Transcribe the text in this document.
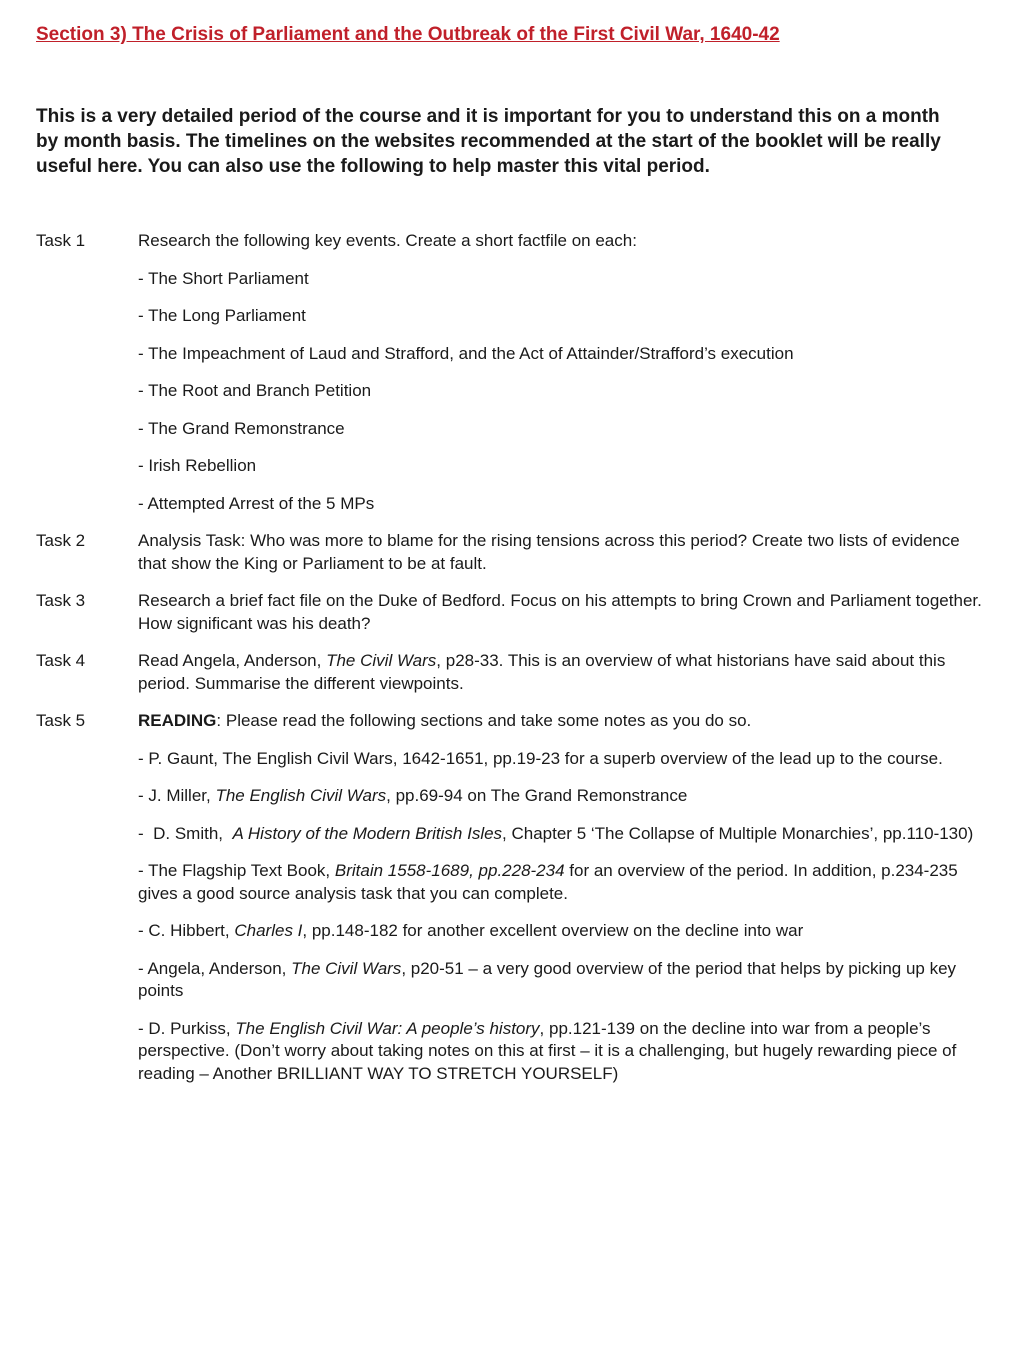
Section 3) The Crisis of Parliament and the Outbreak of the First Civil War, 1640-42
This is a very detailed period of the course and it is important for you to understand this on a month by month basis. The timelines on the websites recommended at the start of the booklet will be really useful here. You can also use the following to help master this vital period.
Task 1	Research the following key events. Create a short factfile on each:
- The Short Parliament
- The Long Parliament
- The Impeachment of Laud and Strafford, and the Act of Attainder/Strafford’s execution
- The Root and Branch Petition
- The Grand Remonstrance
- Irish Rebellion
- Attempted Arrest of the 5 MPs
Task 2	Analysis Task: Who was more to blame for the rising tensions across this period? Create two lists of evidence that show the King or Parliament to be at fault.
Task 3	Research a brief fact file on the Duke of Bedford. Focus on his attempts to bring Crown and Parliament together. How significant was his death?
Task 4	Read Angela, Anderson, The Civil Wars, p28-33. This is an overview of what historians have said about this period. Summarise the different viewpoints.
Task 5	READING: Please read the following sections and take some notes as you do so.
- P. Gaunt, The English Civil Wars, 1642-1651, pp.19-23 for a superb overview of the lead up to the course.
- J. Miller, The English Civil Wars, pp.69-94 on The Grand Remonstrance
-  D. Smith,  A History of the Modern British Isles, Chapter 5 ‘The Collapse of Multiple Monarchies’, pp.110-130)
- The Flagship Text Book, Britain 1558-1689, pp.228-234 for an overview of the period. In addition, p.234-235 gives a good source analysis task that you can complete.
- C. Hibbert, Charles I, pp.148-182 for another excellent overview on the decline into war
- Angela, Anderson, The Civil Wars, p20-51 – a very good overview of the period that helps by picking up key points
- D. Purkiss, The English Civil War: A people’s history, pp.121-139 on the decline into war from a people’s perspective. (Don’t worry about taking notes on this at first – it is a challenging, but hugely rewarding piece of reading – Another BRILLIANT WAY TO STRETCH YOURSELF)
